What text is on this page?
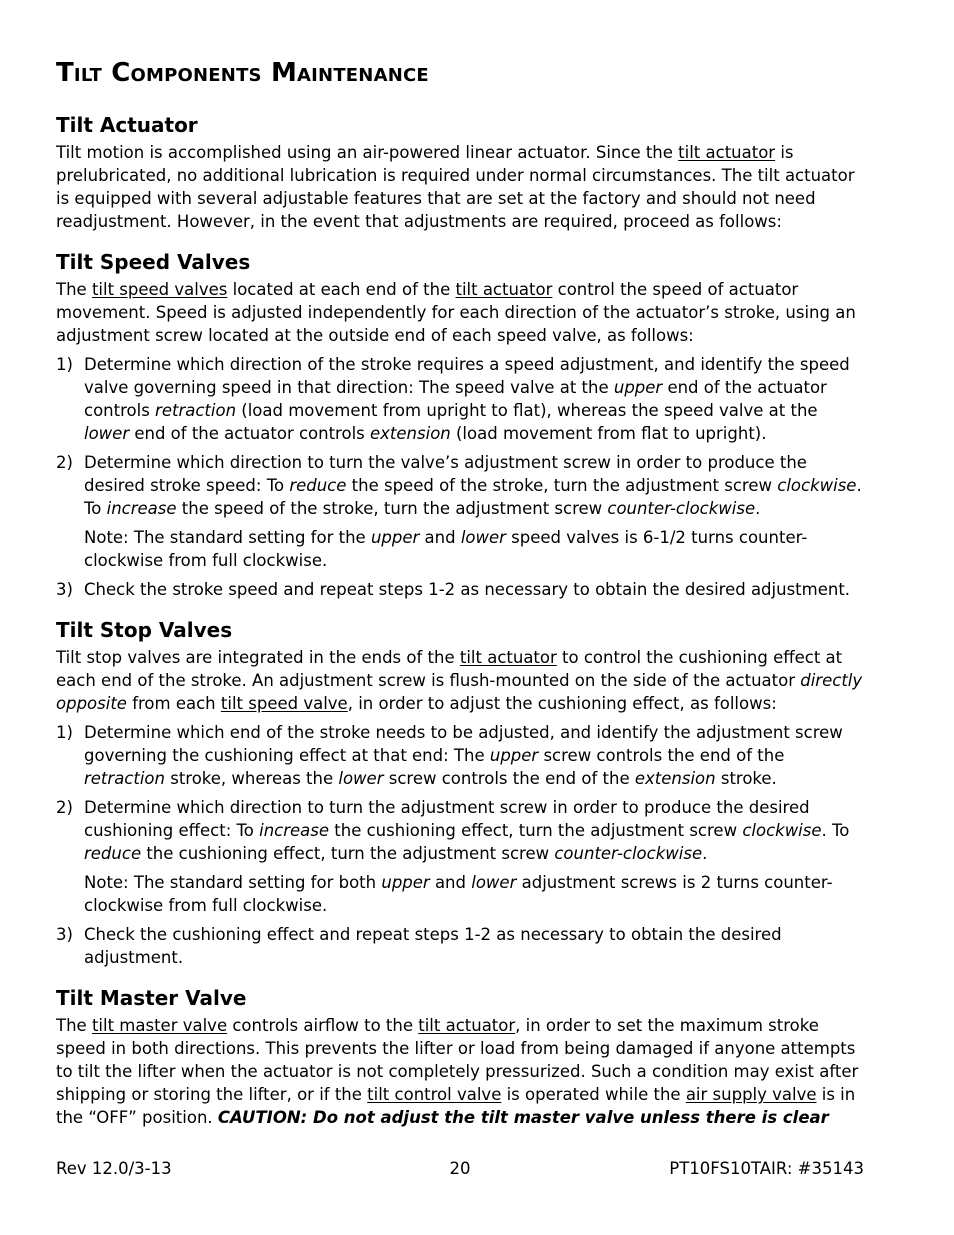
Tilt Components Maintenance
Tilt Actuator

Tilt motion is accomplished using an air-powered linear actuator. Since the tilt actuator is prelubricated, no additional lubrication is required under normal circumstances. The tilt actuator is equipped with several adjustable features that are set at the factory and should not need readjustment. However, in the event that adjustments are required, proceed as follows:

Tilt Speed Valves

The tilt speed valves located at each end of the tilt actuator control the speed of actuator movement. Speed is adjusted independently for each direction of the actuator’s stroke, using an adjustment screw located at the outside end of each speed valve, as follows:

1) Determine which direction of the stroke requires a speed adjustment, and identify the speed valve governing speed in that direction: The speed valve at the upper end of the actuator controls retraction (load movement from upright to flat), whereas the speed valve at the lower end of the actuator controls extension (load movement from flat to upright).
2) Determine which direction to turn the valve’s adjustment screw in order to produce the desired stroke speed: To reduce the speed of the stroke, turn the adjustment screw clockwise. To increase the speed of the stroke, turn the adjustment screw counter-clockwise.
Note: The standard setting for the upper and lower speed valves is 6-1/2 turns counter-clockwise from full clockwise.
3) Check the stroke speed and repeat steps 1-2 as necessary to obtain the desired adjustment.
Tilt Stop Valves

Tilt stop valves are integrated in the ends of the tilt actuator to control the cushioning effect at each end of the stroke. An adjustment screw is flush-mounted on the side of the actuator directly opposite from each tilt speed valve, in order to adjust the cushioning effect, as follows:

1) Determine which end of the stroke needs to be adjusted, and identify the adjustment screw governing the cushioning effect at that end: The upper screw controls the end of the retraction stroke, whereas the lower screw controls the end of the extension stroke.
2) Determine which direction to turn the adjustment screw in order to produce the desired cushioning effect: To increase the cushioning effect, turn the adjustment screw clockwise. To reduce the cushioning effect, turn the adjustment screw counter-clockwise.
Note: The standard setting for both upper and lower adjustment screws is 2 turns counter-clockwise from full clockwise.
3) Check the cushioning effect and repeat steps 1-2 as necessary to obtain the desired adjustment.
Tilt Master Valve

The tilt master valve controls airflow to the tilt actuator, in order to set the maximum stroke speed in both directions. This prevents the lifter or load from being damaged if anyone attempts to tilt the lifter when the actuator is not completely pressurized. Such a condition may exist after shipping or storing the lifter, or if the tilt control valve is operated while the air supply valve is in the “OFF” position. CAUTION: Do not adjust the tilt master valve unless there is clear

Rev 12.0/3-13	20	PT10FS10TAIR: #35143
